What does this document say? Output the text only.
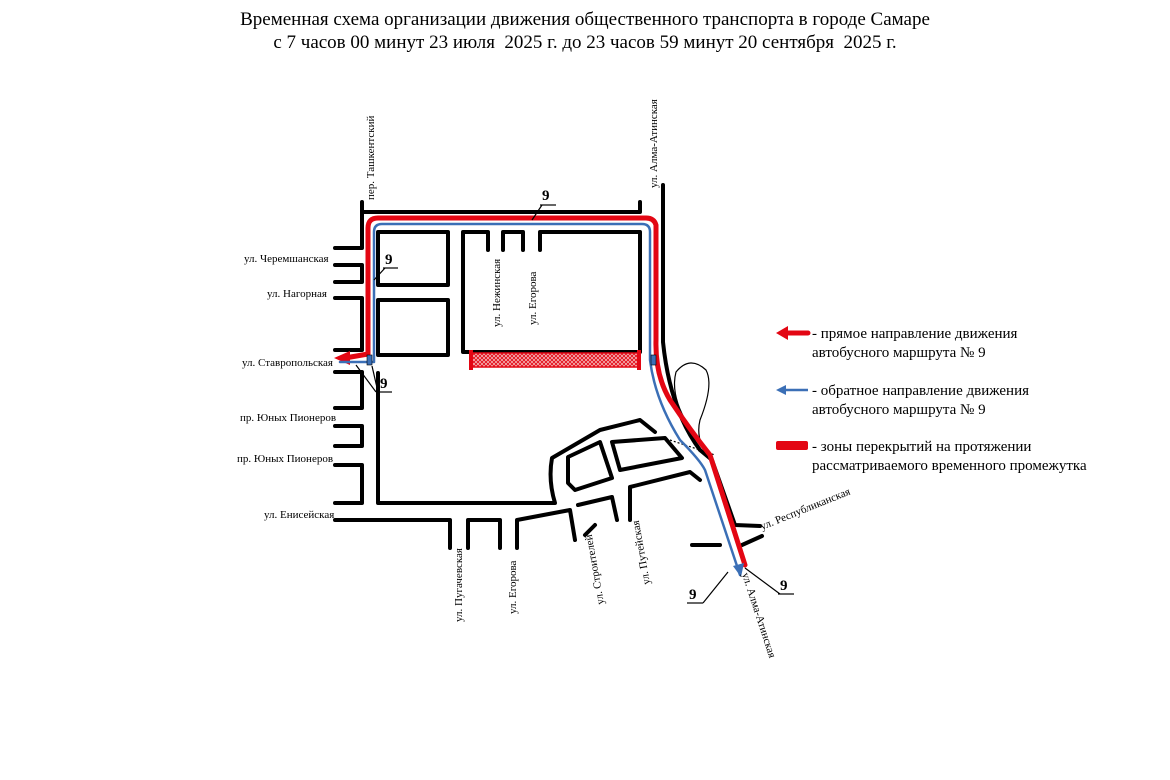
Временная схема организации движения общественного транспорта в городе Самаре
с 7 часов 00 минут 23 июля  2025 г. до 23 часов 59 минут 20 сентября  2025 г.
9
9
9
9
9
пер. Ташкентский	ул. Алма-Атинская
ул. Черемшанская
ул. Нагорная
ул. Ставропольская
пр. Юных Пионеров
пр. Юных Пионеров
ул. Енисейская
ул. Нежинская ул. Егорова
ул. Пугачевская	ул. Егорова	ул. Строителей ул. Путейская
ул. Республиканская
ул. Алма-Атинская
- прямое направление движения
автобусного маршрута № 9
- обратное направление движения
автобусного маршрута № 9
- зоны перекрытий на протяжении
рассматриваемого временного промежутка
